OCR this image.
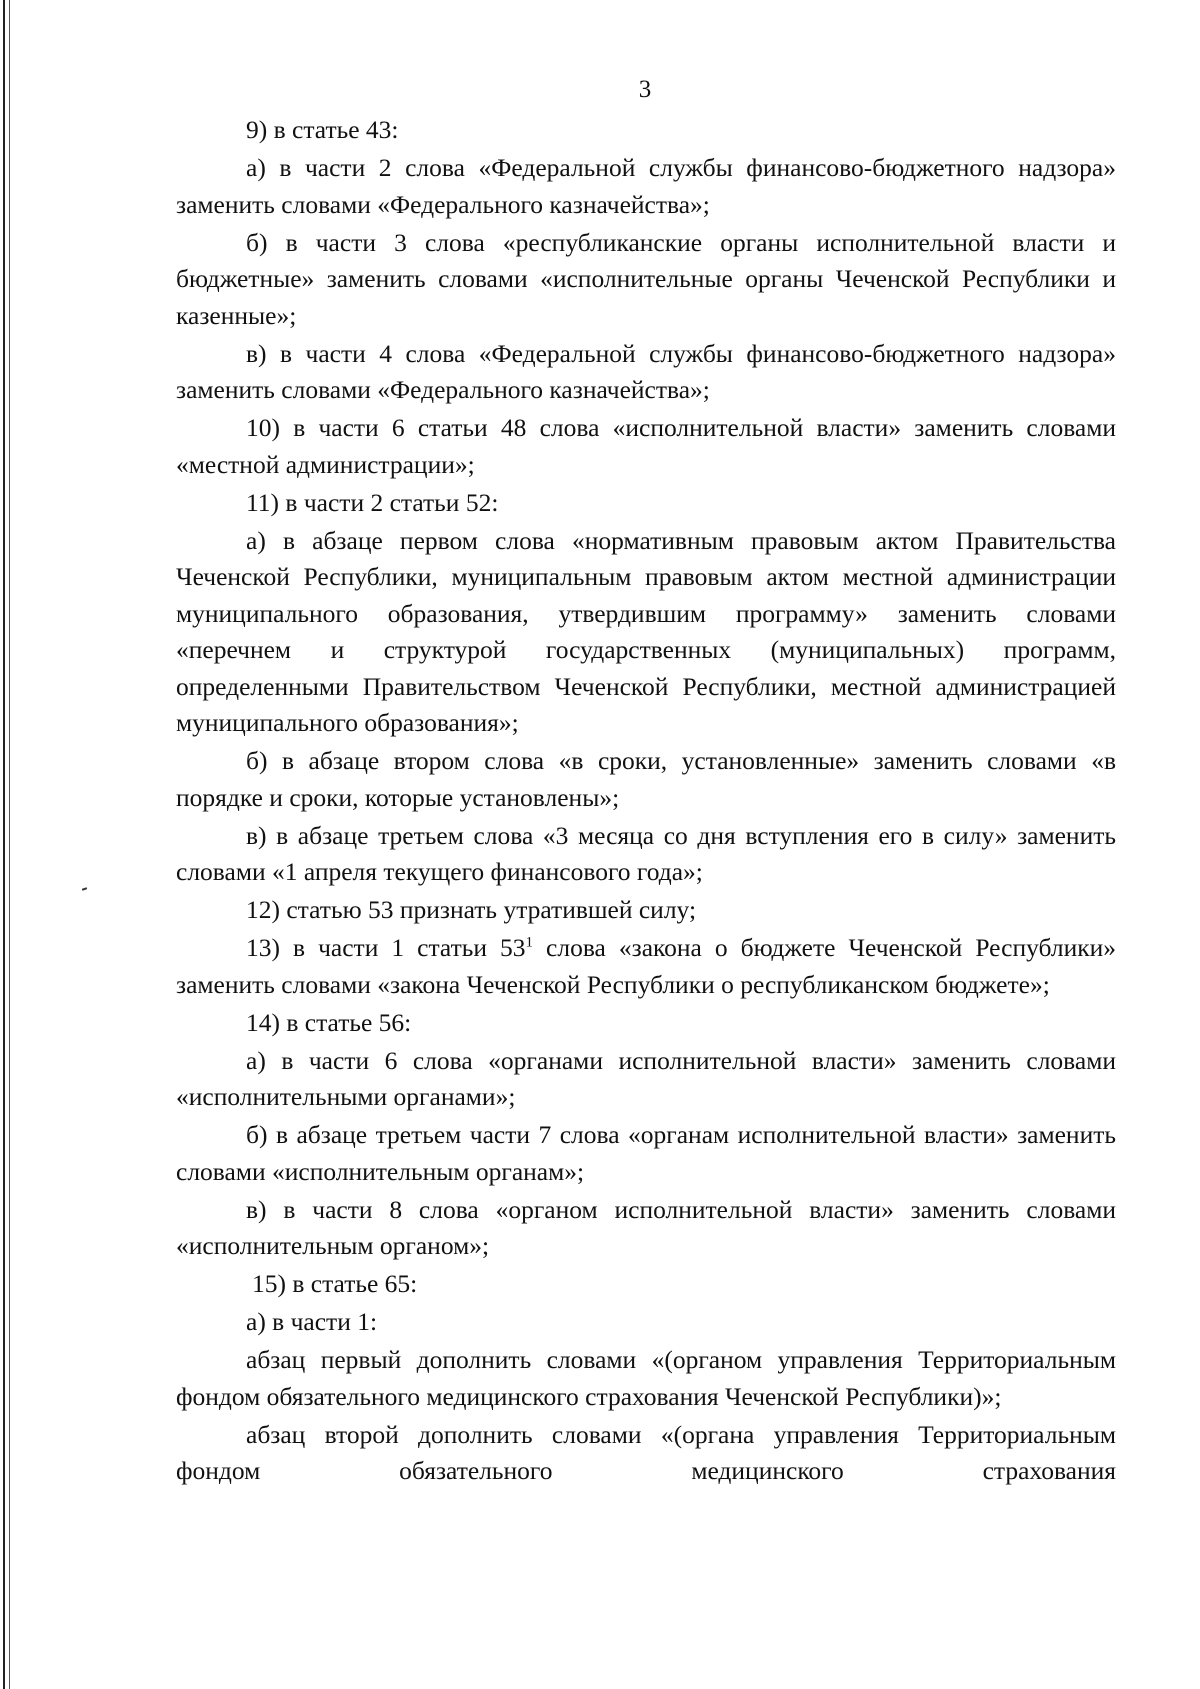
3

9) в статье 43:

а) в части 2 слова «Федеральной службы финансово-бюджетного надзора» заменить словами «Федерального казначейства»;

б) в части 3 слова «республиканские органы исполнительной власти и бюджетные» заменить словами «исполнительные органы Чеченской Республики и казенные»;

в) в части 4 слова «Федеральной службы финансово-бюджетного надзора» заменить словами «Федерального казначейства»;

10) в части 6 статьи 48 слова «исполнительной власти» заменить словами «местной администрации»;

11) в части 2 статьи 52:

а) в абзаце первом слова «нормативным правовым актом Правительства Чеченской Республики, муниципальным правовым актом местной администрации муниципального образования, утвердившим программу» заменить словами «перечнем и структурой государственных (муниципальных) программ, определенными Правительством Чеченской Республики, местной администрацией муниципального образования»;

б) в абзаце втором слова «в сроки, установленные» заменить словами «в порядке и сроки, которые установлены»;

в) в абзаце третьем слова «3 месяца со дня вступления его в силу» заменить словами «1 апреля текущего финансового года»;

12) статью 53 признать утратившей силу;

13) в части 1 статьи $53^1$ слова «закона о бюджете Чеченской Республики» заменить словами «закона Чеченской Республики о республиканском бюджете»;

14) в статье 56:

а) в части 6 слова «органами исполнительной власти» заменить словами «исполнительными органами»;

б) в абзаце третьем части 7 слова «органам исполнительной власти» заменить словами «исполнительным органам»;

в) в части 8 слова «органом исполнительной власти» заменить словами «исполнительным органом»;

15) в статье 65:

а) в части 1:

абзац первый дополнить словами «(органом управления Территориальным фондом обязательного медицинского страхования Чеченской Республики)»;

абзац второй дополнить словами «(органа управления Территориальным фондом обязательного медицинского страхования
